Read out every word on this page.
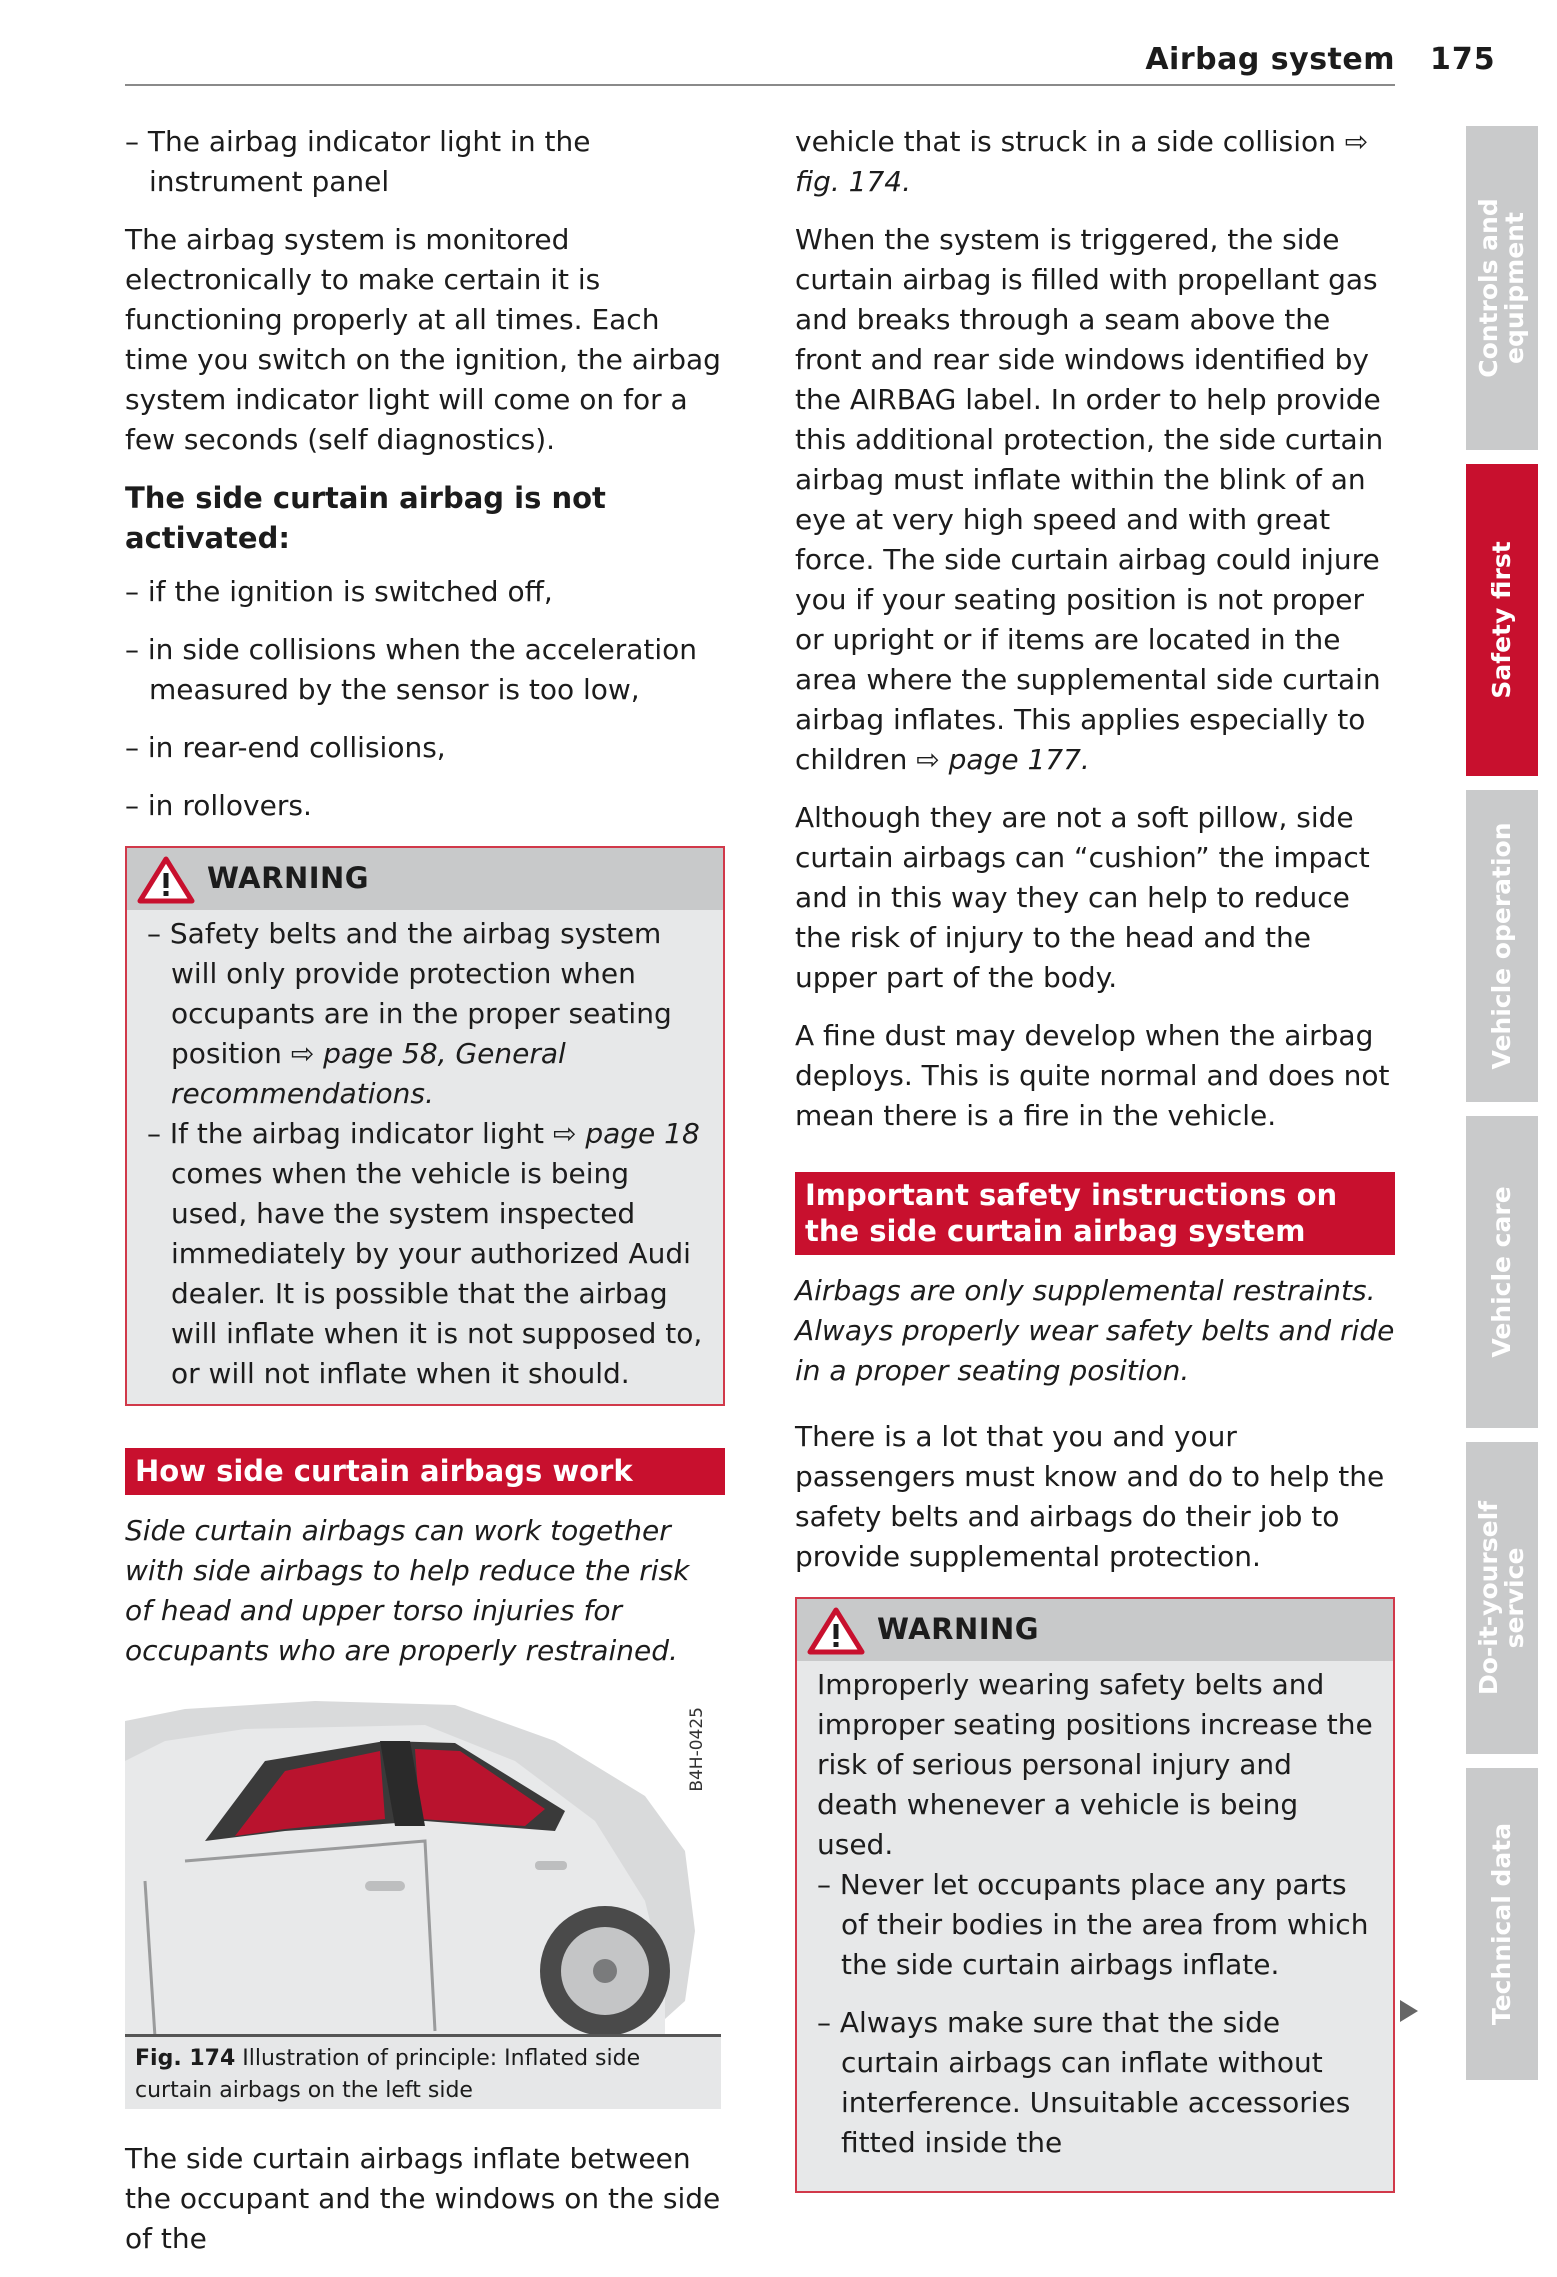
Airbag system 175

– The airbag indicator light in the instrument panel

The airbag system is monitored electronically to make certain it is functioning properly at all times. Each time you switch on the ignition, the airbag system indicator light will come on for a few seconds (self diagnostics).

The side curtain airbag is not activated:

– if the ignition is switched off,

– in side collisions when the acceleration measured by the sensor is too low,

– in rear-end collisions,

– in rollovers.

WARNING

– Safety belts and the airbag system will only provide protection when occupants are in the proper seating position ⇨ page 58, General recommendations.

– If the airbag indicator light ⇨ page 18 comes when the vehicle is being used, have the system inspected immediately by your authorized Audi dealer. It is possible that the airbag will inflate when it is not supposed to, or will not inflate when it should.

How side curtain airbags work

Side curtain airbags can work together with side airbags to help reduce the risk of head and upper torso injuries for occupants who are properly restrained.

B4H-0425
Fig. 174 Illustration of principle: Inflated side curtain airbags on the left side

The side curtain airbags inflate between the occupant and the windows on the side of the

vehicle that is struck in a side collision ⇨ fig. 174.

When the system is triggered, the side curtain airbag is filled with propellant gas and breaks through a seam above the front and rear side windows identified by the AIRBAG label. In order to help provide this additional protection, the side curtain airbag must inflate within the blink of an eye at very high speed and with great force. The side curtain airbag could injure you if your seating position is not proper or upright or if items are located in the area where the supplemental side curtain airbag inflates. This applies especially to children ⇨ page 177.

Although they are not a soft pillow, side curtain airbags can “cushion” the impact and in this way they can help to reduce the risk of injury to the head and the upper part of the body.

A fine dust may develop when the airbag deploys. This is quite normal and does not mean there is a fire in the vehicle.

Important safety instructions on the side curtain airbag system

Airbags are only supplemental restraints. Always properly wear safety belts and ride in a proper seating position.

There is a lot that you and your passengers must know and do to help the safety belts and airbags do their job to provide supplemental protection.

WARNING

Improperly wearing safety belts and improper seating positions increase the risk of serious personal injury and death whenever a vehicle is being used.

– Never let occupants place any parts of their bodies in the area from which the side curtain airbags inflate.

– Always make sure that the side curtain airbags can inflate without interference. Unsuitable accessories fitted inside the

Controls and equipment
Safety first
Vehicle operation
Vehicle care
Do-it-yourself service
Technical data
